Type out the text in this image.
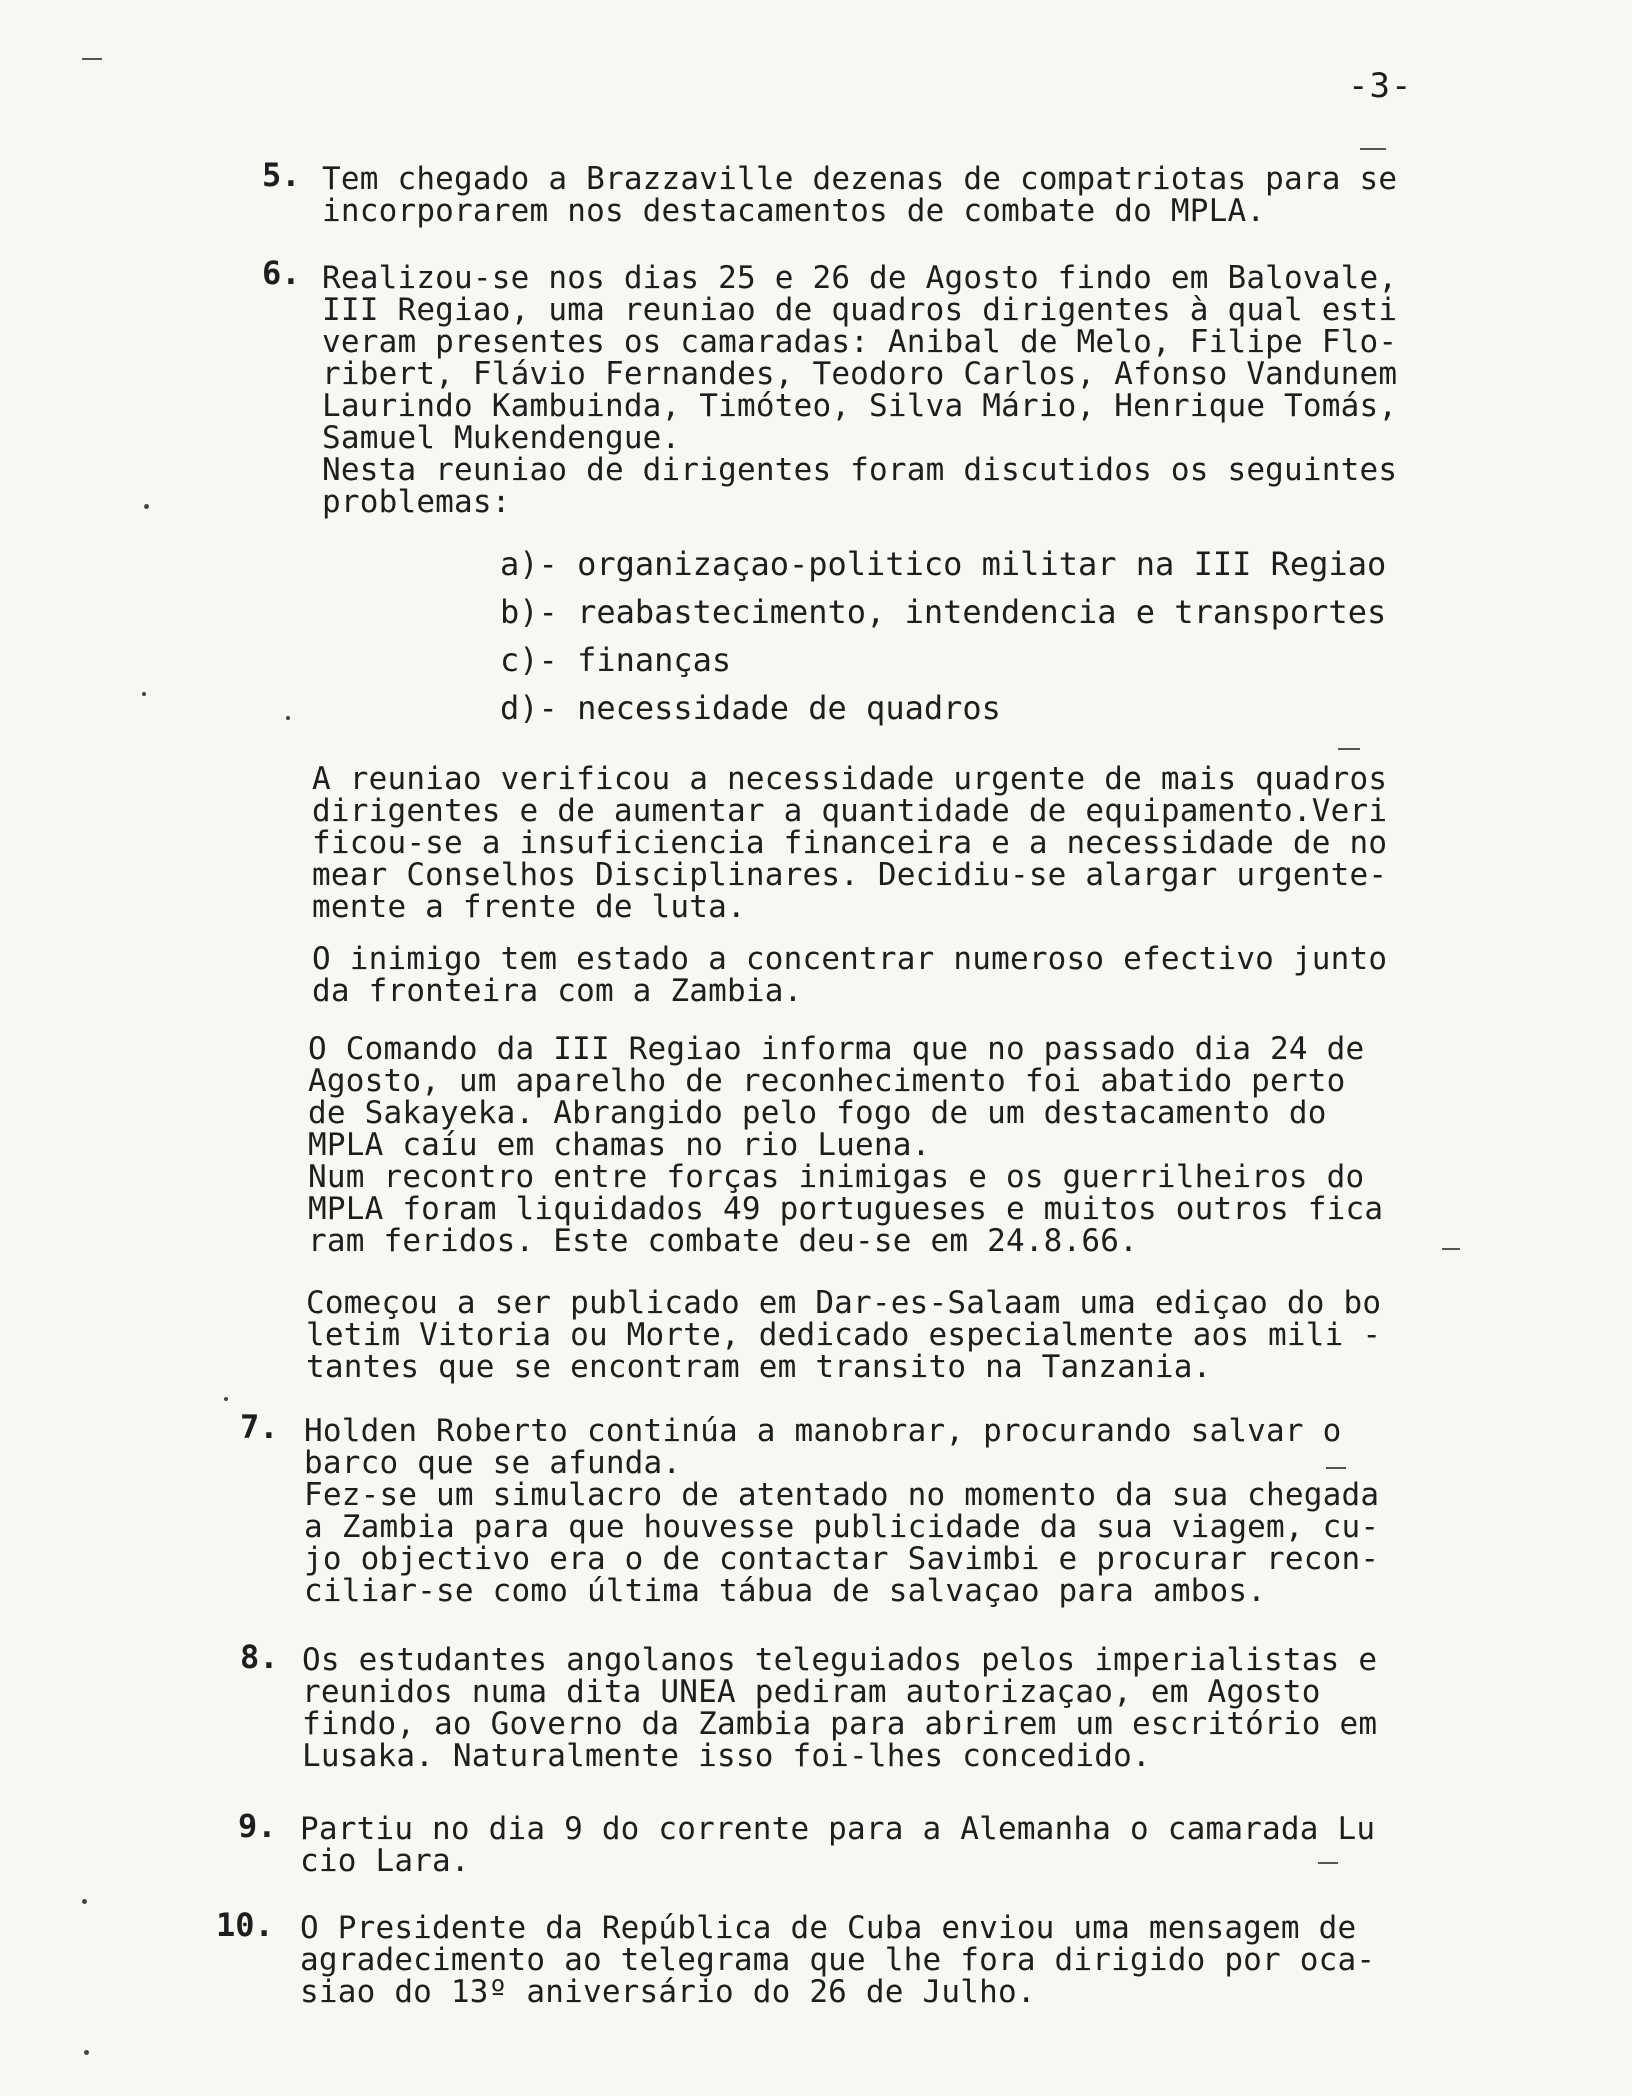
-3-
5. Tem chegado a Brazzaville dezenas de compatriotas para se
incorporarem nos destacamentos de combate do MPLA.
6. Realizou-se nos dias 25 e 26 de Agosto findo em Balovale,
III Regiao, uma reuniao de quadros dirigentes à qual esti
veram presentes os camaradas: Anibal de Melo, Filipe Flo-
ribert, Flávio Fernandes, Teodoro Carlos, Afonso Vandunem
Laurindo Kambuinda, Timóteo, Silva Mário, Henrique Tomás,
Samuel Mukendengue.
Nesta reuniao de dirigentes foram discutidos os seguintes
problemas:
a)- organizaçao-politico militar na III Regiao
b)- reabastecimento, intendencia e transportes
c)- finanças
d)- necessidade de quadros
A reuniao verificou a necessidade urgente de mais quadros
dirigentes e de aumentar a quantidade de equipamento.Veri
ficou-se a insuficiencia financeira e a necessidade de no
mear Conselhos Disciplinares. Decidiu-se alargar urgente-
mente a frente de luta.
O inimigo tem estado a concentrar numeroso efectivo junto
da fronteira com a Zambia.
O Comando da III Regiao informa que no passado dia 24 de
Agosto, um aparelho de reconhecimento foi abatido perto
de Sakayeka. Abrangido pelo fogo de um destacamento do
MPLA caíu em chamas no rio Luena.
Num recontro entre forças inimigas e os guerrilheiros do
MPLA foram liquidados 49 portugueses e muitos outros fica
ram feridos. Este combate deu-se em 24.8.66.
Começou a ser publicado em Dar-es-Salaam uma ediçao do bo
letim Vitoria ou Morte, dedicado especialmente aos mili -
tantes que se encontram em transito na Tanzania.
7. Holden Roberto continúa a manobrar, procurando salvar o
barco que se afunda.
Fez-se um simulacro de atentado no momento da sua chegada
a Zambia para que houvesse publicidade da sua viagem, cu-
jo objectivo era o de contactar Savimbi e procurar recon-
ciliar-se como última tábua de salvaçao para ambos.
8. Os estudantes angolanos teleguiados pelos imperialistas e
reunidos numa dita UNEA pediram autorizaçao, em Agosto
findo, ao Governo da Zambia para abrirem um escritório em
Lusaka. Naturalmente isso foi-lhes concedido.
9. Partiu no dia 9 do corrente para a Alemanha o camarada Lu
cio Lara.
10. O Presidente da República de Cuba enviou uma mensagem de
agradecimento ao telegrama que lhe fora dirigido por oca-
siao do 13º aniversário do 26 de Julho.
